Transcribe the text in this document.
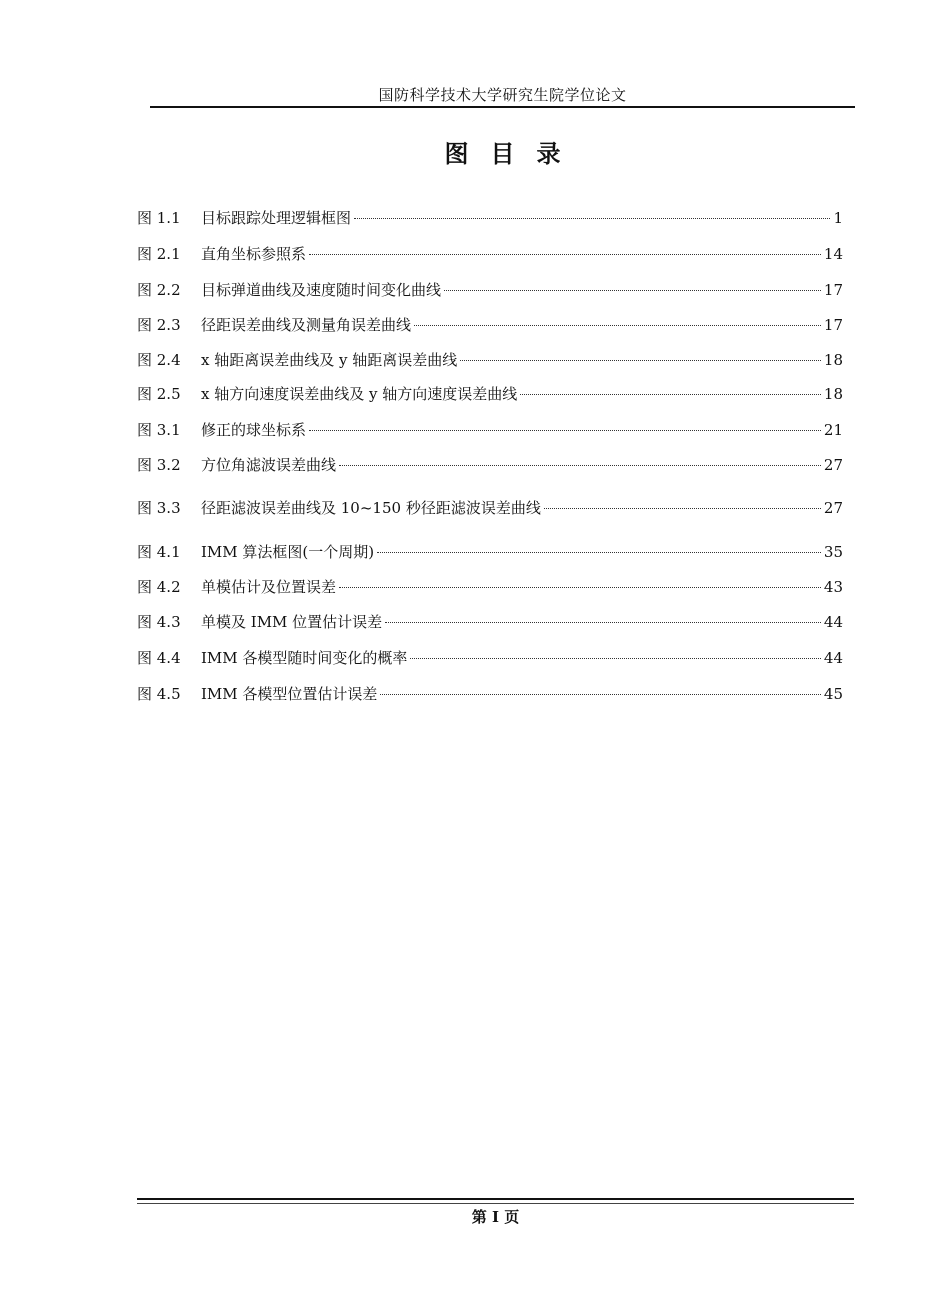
国防科学技术大学研究生院学位论文
图目录
图 1.1	目标跟踪处理逻辑框图	1
图 2.1	直角坐标参照系	14
图 2.2	目标弹道曲线及速度随时间变化曲线	17
图 2.3	径距误差曲线及测量角误差曲线	17
图 2.4	x 轴距离误差曲线及 y 轴距离误差曲线	18
图 2.5	x 轴方向速度误差曲线及 y 轴方向速度误差曲线	18
图 3.1	修正的球坐标系	21
图 3.2	方位角滤波误差曲线	27
图 3.3	径距滤波误差曲线及 10~150 秒径距滤波误差曲线	27
图 4.1	IMM 算法框图(一个周期)	35
图 4.2	单模估计及位置误差	43
图 4.3	单模及 IMM 位置估计误差	44
图 4.4	IMM 各模型随时间变化的概率	44
图 4.5	IMM 各模型位置估计误差	45
第 I 页
